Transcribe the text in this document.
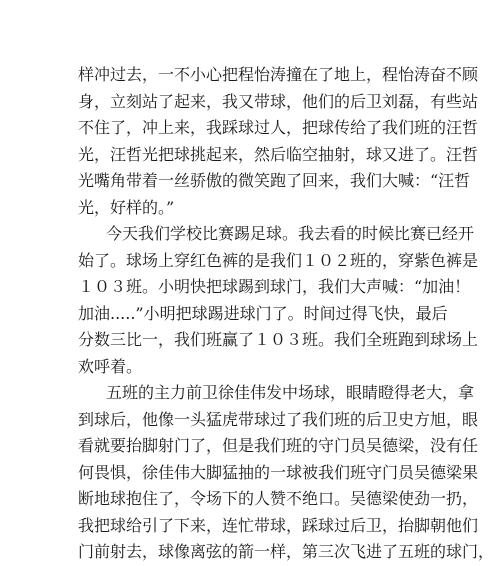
样冲过去，一不小心把程怡涛撞在了地上，程怡涛奋不顾
身，立刻站了起来，我又带球，他们的后卫刘磊，有些站
不住了，冲上来，我踩球过人，把球传给了我们班的汪哲
光，汪哲光把球挑起来，然后临空抽射，球又进了。汪哲
光嘴角带着一丝骄傲的微笑跑了回来，我们大喊：“汪哲
光，好样的。”
今天我们学校比赛踢足球。我去看的时候比赛已经开
始了。球场上穿红色裤的是我们１０２班的，穿紫色裤是
１０３班。小明快把球踢到球门，我们大声喊：“加油！
加油.....”小明把球踢进球门了。时间过得飞快，最后
分数三比一，我们班赢了１０３班。我们全班跑到球场上
欢呼着。
五班的主力前卫徐佳伟发中场球，眼睛瞪得老大，拿
到球后，他像一头猛虎带球过了我们班的后卫史方旭，眼
看就要抬脚射门了，但是我们班的守门员吴德梁，没有任
何畏惧，徐佳伟大脚猛抽的一球被我们班守门员吴德梁果
断地球抱住了，令场下的人赞不绝口。吴德梁使劲一扔，
我把球给引了下来，连忙带球，踩球过后卫，抬脚朝他们
门前射去，球像离弦的箭一样，第三次飞进了五班的球门，
